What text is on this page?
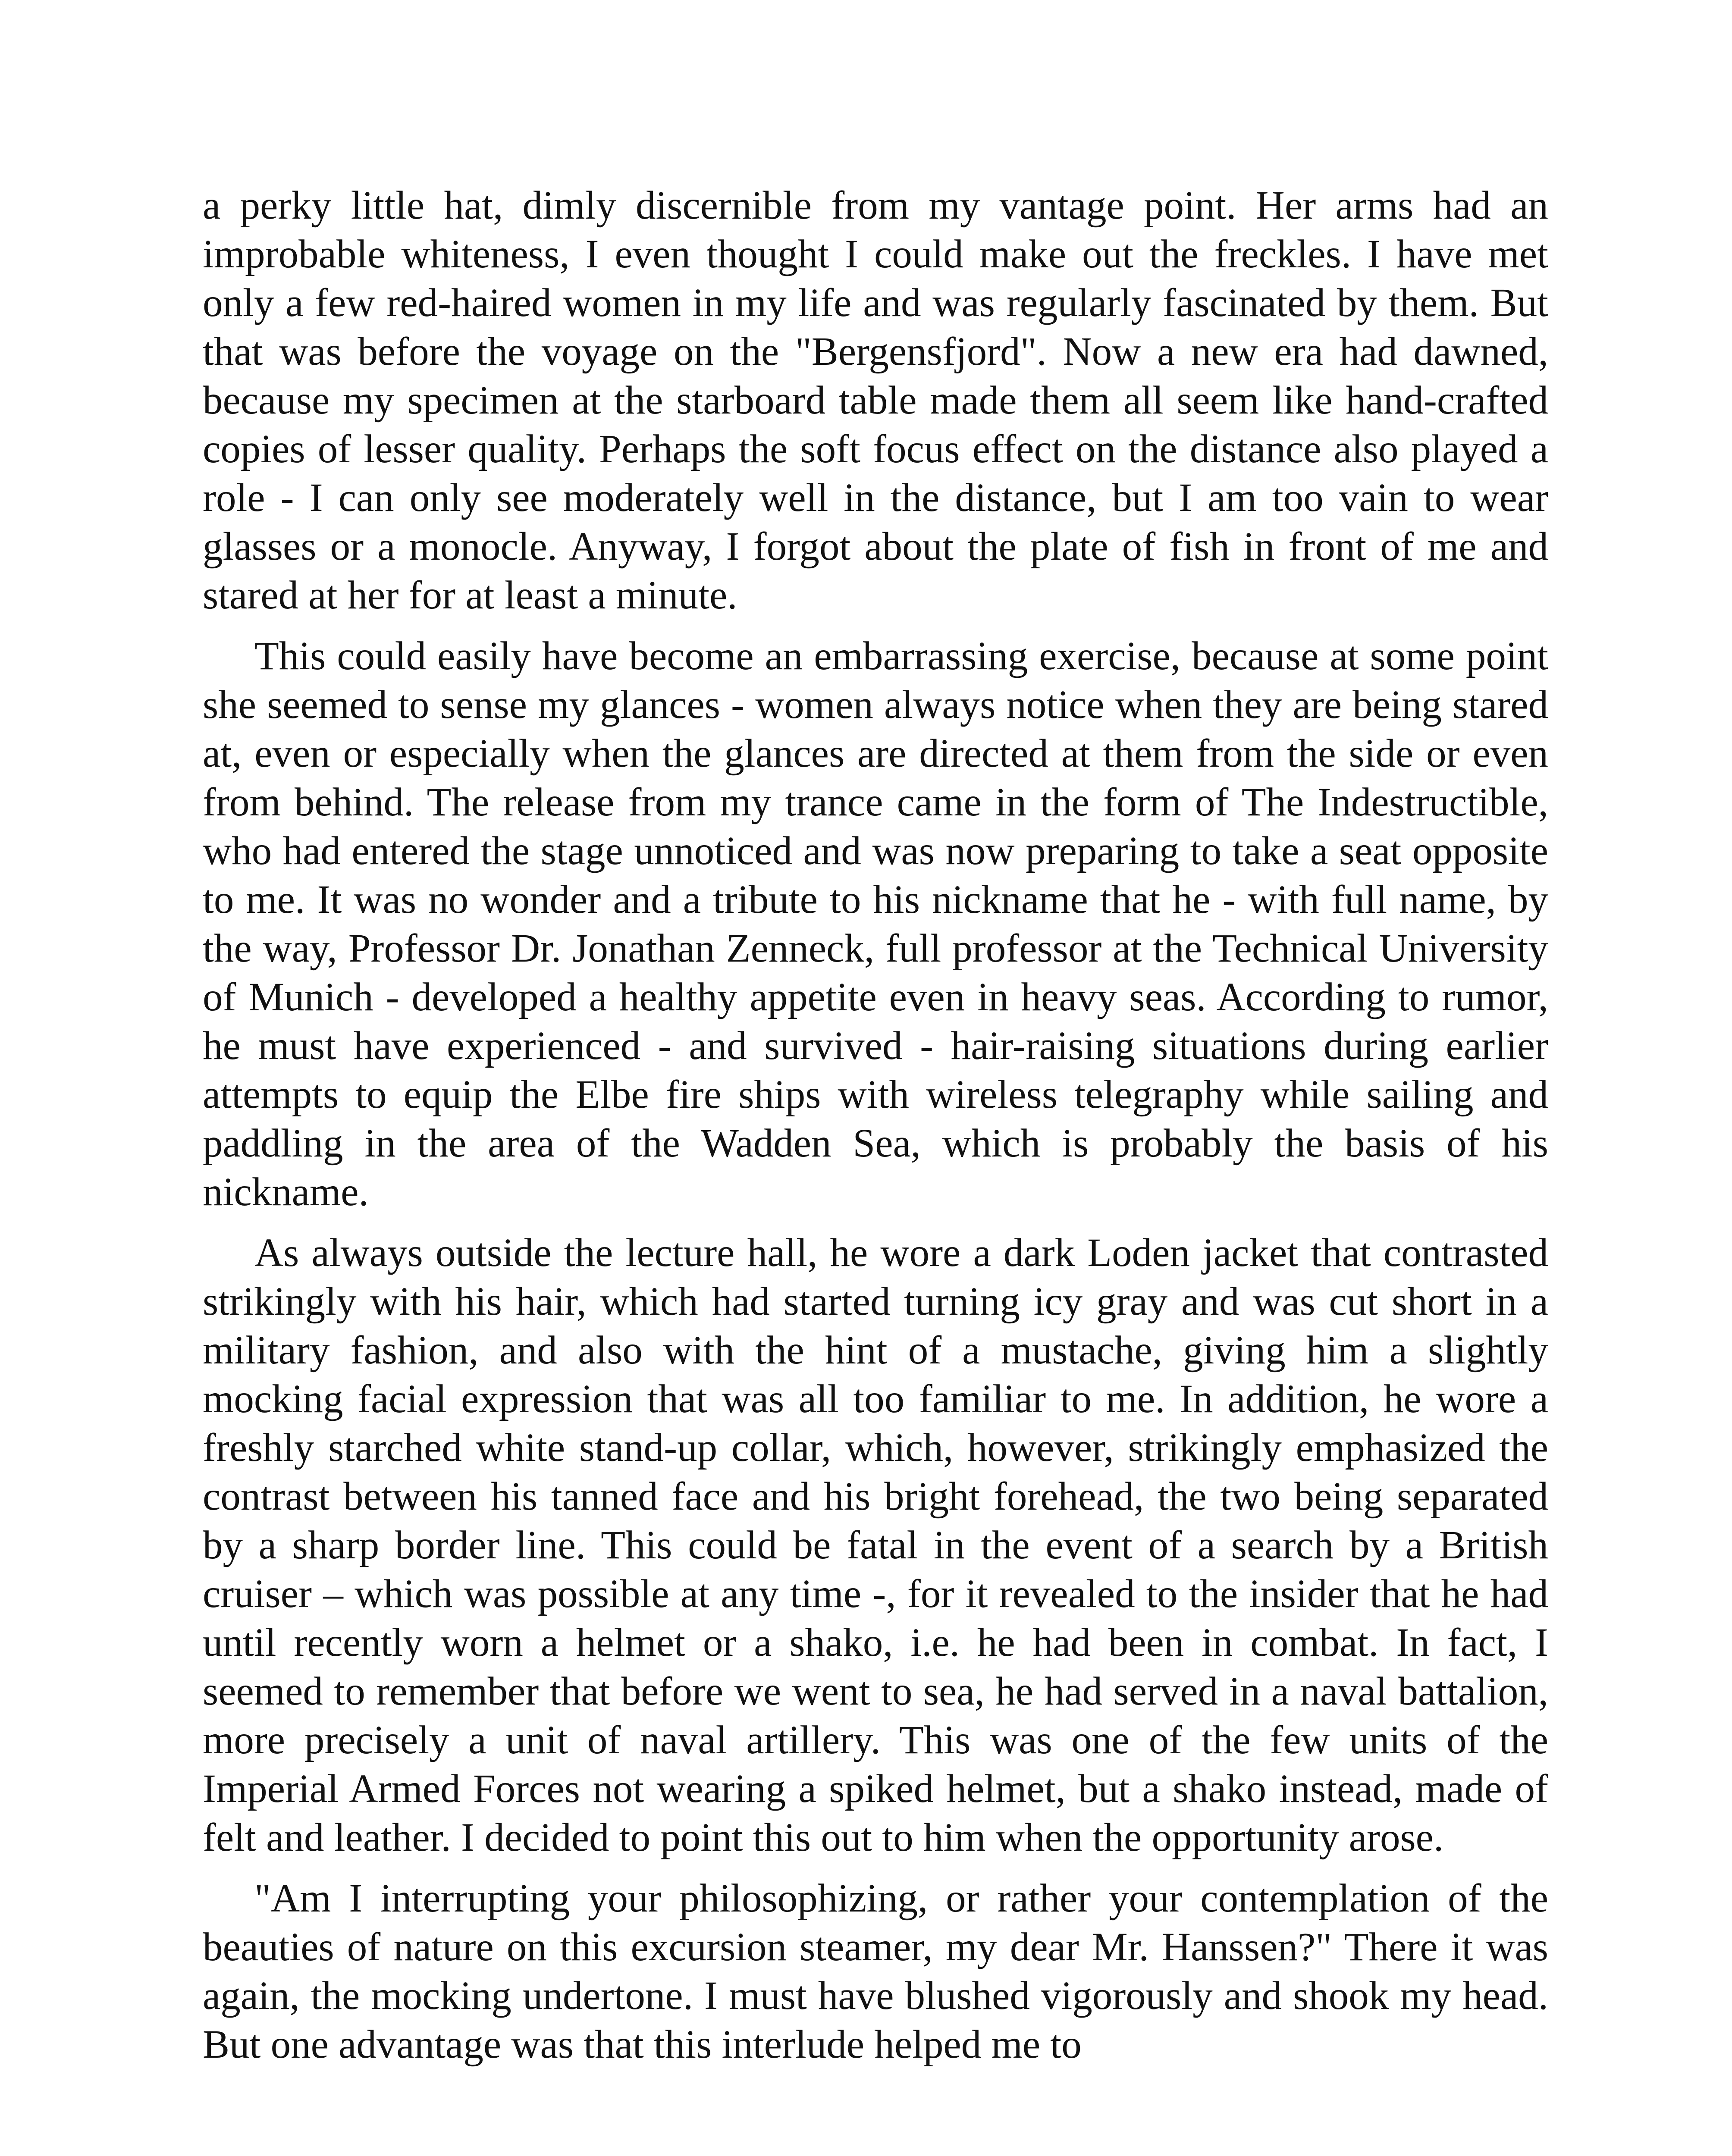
a perky little hat, dimly discernible from my vantage point. Her arms had an improbable whiteness, I even thought I could make out the freckles. I have met only a few red-haired women in my life and was regularly fascinated by them. But that was before the voyage on the "Bergensfjord". Now a new era had dawned, because my specimen at the starboard table made them all seem like hand-crafted copies of lesser quality. Perhaps the soft focus effect on the distance also played a role - I can only see moderately well in the distance, but I am too vain to wear glasses or a monocle. Anyway, I forgot about the plate of fish in front of me and stared at her for at least a minute.

This could easily have become an embarrassing exercise, because at some point she seemed to sense my glances - women always notice when they are being stared at, even or especially when the glances are directed at them from the side or even from behind. The release from my trance came in the form of The Indestructible, who had entered the stage unnoticed and was now preparing to take a seat opposite to me. It was no wonder and a tribute to his nickname that he - with full name, by the way, Professor Dr. Jonathan Zenneck, full professor at the Technical University of Munich - developed a healthy appetite even in heavy seas. According to rumor, he must have experienced - and survived - hair-raising situations during earlier attempts to equip the Elbe fire ships with wireless telegraphy while sailing and paddling in the area of the Wadden Sea, which is probably the basis of his nickname.

As always outside the lecture hall, he wore a dark Loden jacket that contrasted strikingly with his hair, which had started turning icy gray and was cut short in a military fashion, and also with the hint of a mustache, giving him a slightly mocking facial expression that was all too familiar to me. In addition, he wore a freshly starched white stand-up collar, which, however, strikingly emphasized the contrast between his tanned face and his bright forehead, the two being separated by a sharp border line. This could be fatal in the event of a search by a British cruiser – which was possible at any time -, for it revealed to the insider that he had until recently worn a helmet or a shako, i.e. he had been in combat. In fact, I seemed to remember that before we went to sea, he had served in a naval battalion, more precisely a unit of naval artillery. This was one of the few units of the Imperial Armed Forces not wearing a spiked helmet, but a shako instead, made of felt and leather. I decided to point this out to him when the opportunity arose.

"Am I interrupting your philosophizing, or rather your contemplation of the beauties of nature on this excursion steamer, my dear Mr. Hanssen?" There it was again, the mocking undertone. I must have blushed vigorously and shook my head. But one advantage was that this interlude helped me to
